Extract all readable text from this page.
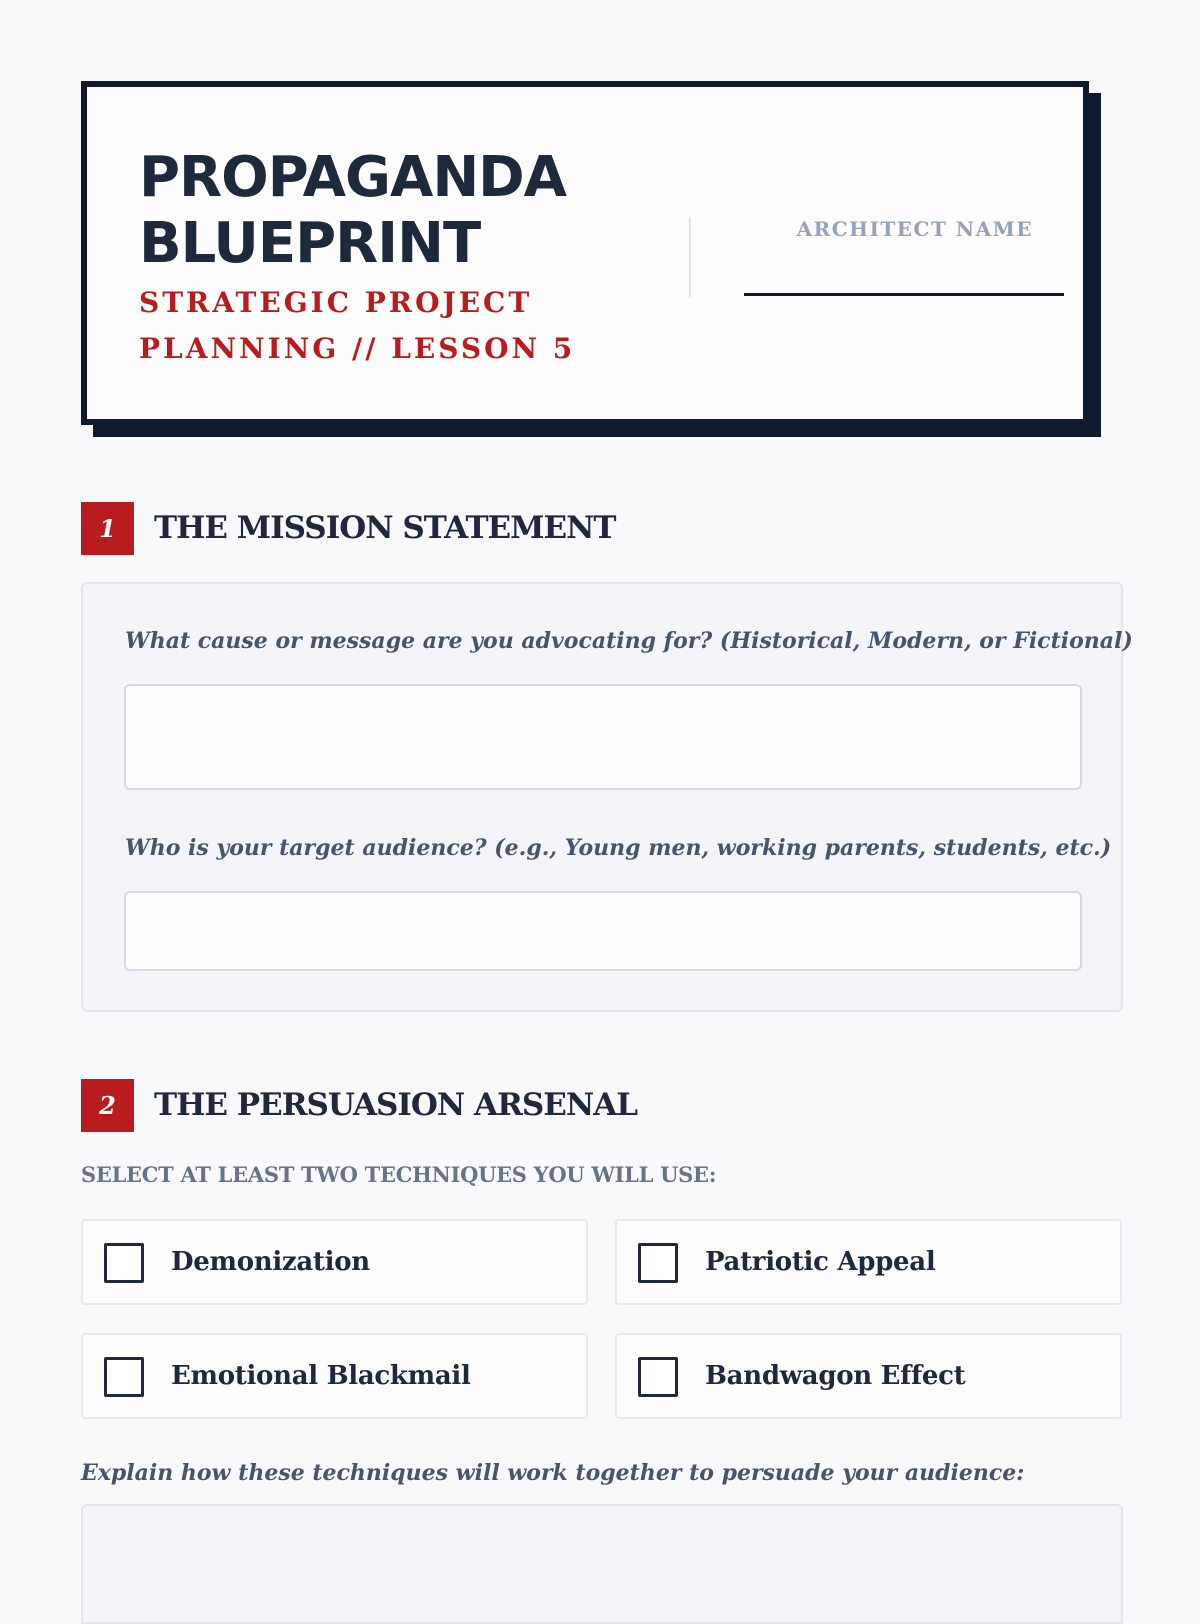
PROPAGANDA
BLUEPRINT
STRATEGIC PROJECT
PLANNING // LESSON 5
ARCHITECT NAME
1	THE MISSION STATEMENT
What cause or message are you advocating for? (Historical, Modern, or Fictional)
Who is your target audience? (e.g., Young men, working parents, students, etc.)
2	THE PERSUASION ARSENAL
SELECT AT LEAST TWO TECHNIQUES YOU WILL USE:
Demonization	Patriotic Appeal
Emotional Blackmail	Bandwagon Effect
Explain how these techniques will work together to persuade your audience:
